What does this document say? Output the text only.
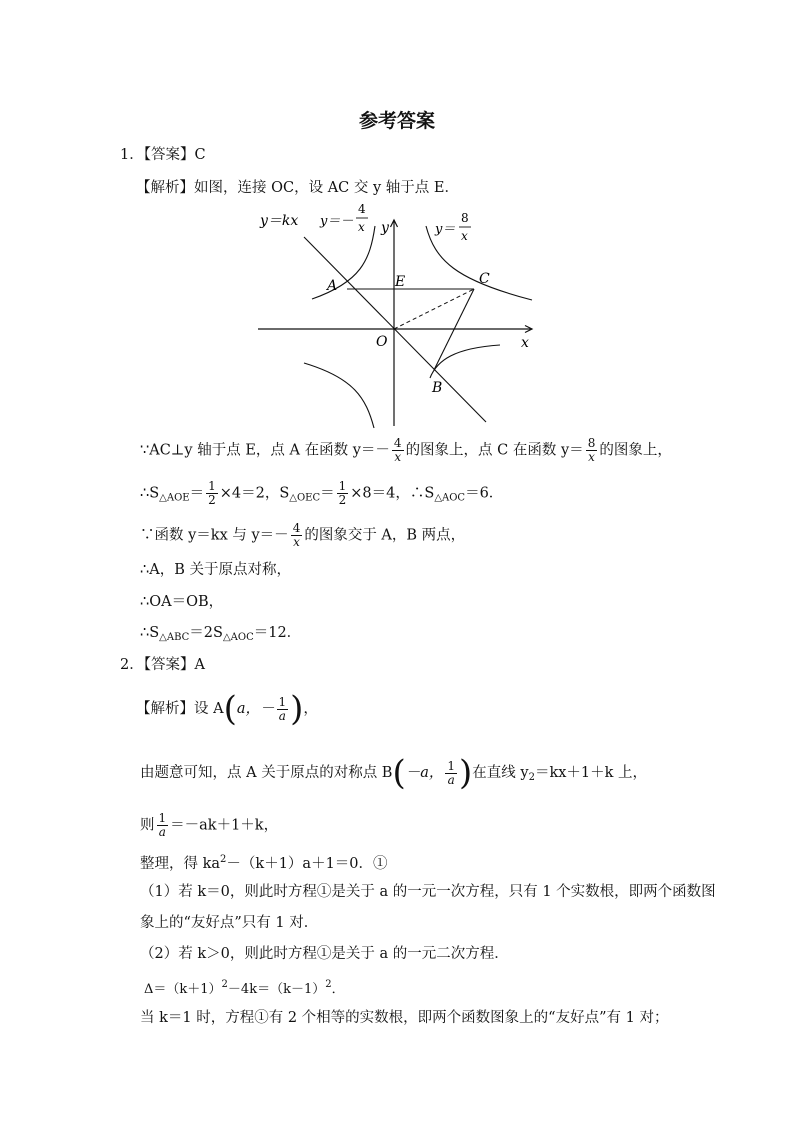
参考答案
1．【答案】C
【解析】如图，连接 OC，设 AC 交 y 轴于点 E．
y＝kx y＝－
4
x	y＝
8
x
y
x
O
A	E	C
B
∵AC⊥y 轴于点 E，点 A 在函数 $y=- \frac{4}{x}$ 的图象上，点 C 在函数 $y= \frac{8}{x}$ 的图象上，
$\therefore S_{\triangle AOE}= \frac{1}{2} \times 4=2$，$S_{\triangle OEC}= \frac{1}{2} \times 8=4$，$\therefore S_{\triangle AOC}=6$．
∵函数 y＝kx 与 $y=- \frac{4}{x}$ 的图象交于 A，B 两点，
∴A，B 关于原点对称，
∴OA＝OB，
$\therefore S_{\triangle ABC}=2S_{\triangle AOC}=12$．
2．【答案】A
【解析】设 A(a，－ $\frac{1}{a}$ )，
由题意可知，点 A 关于原点的对称点 B(－a， $\frac{1}{a}$ )在直线 $y_2=kx+1+k$ 上，
则 $\frac{1}{a} =-ak+1+k$，
整理，得 $ka^2-(k+1)a+1=0$．①
（1）若 k＝0，则此时方程①是关于 a 的一元一次方程，只有 1 个实数根，即两个函数图
象上的“友好点”只有 1 对．
（2）若 k＞0，则此时方程①是关于 a 的一元二次方程．
$\Delta=(k+1)^2-4k=(k-1)^2$．
当 k＝1 时，方程①有 2 个相等的实数根，即两个函数图象上的“友好点”有 1 对；
